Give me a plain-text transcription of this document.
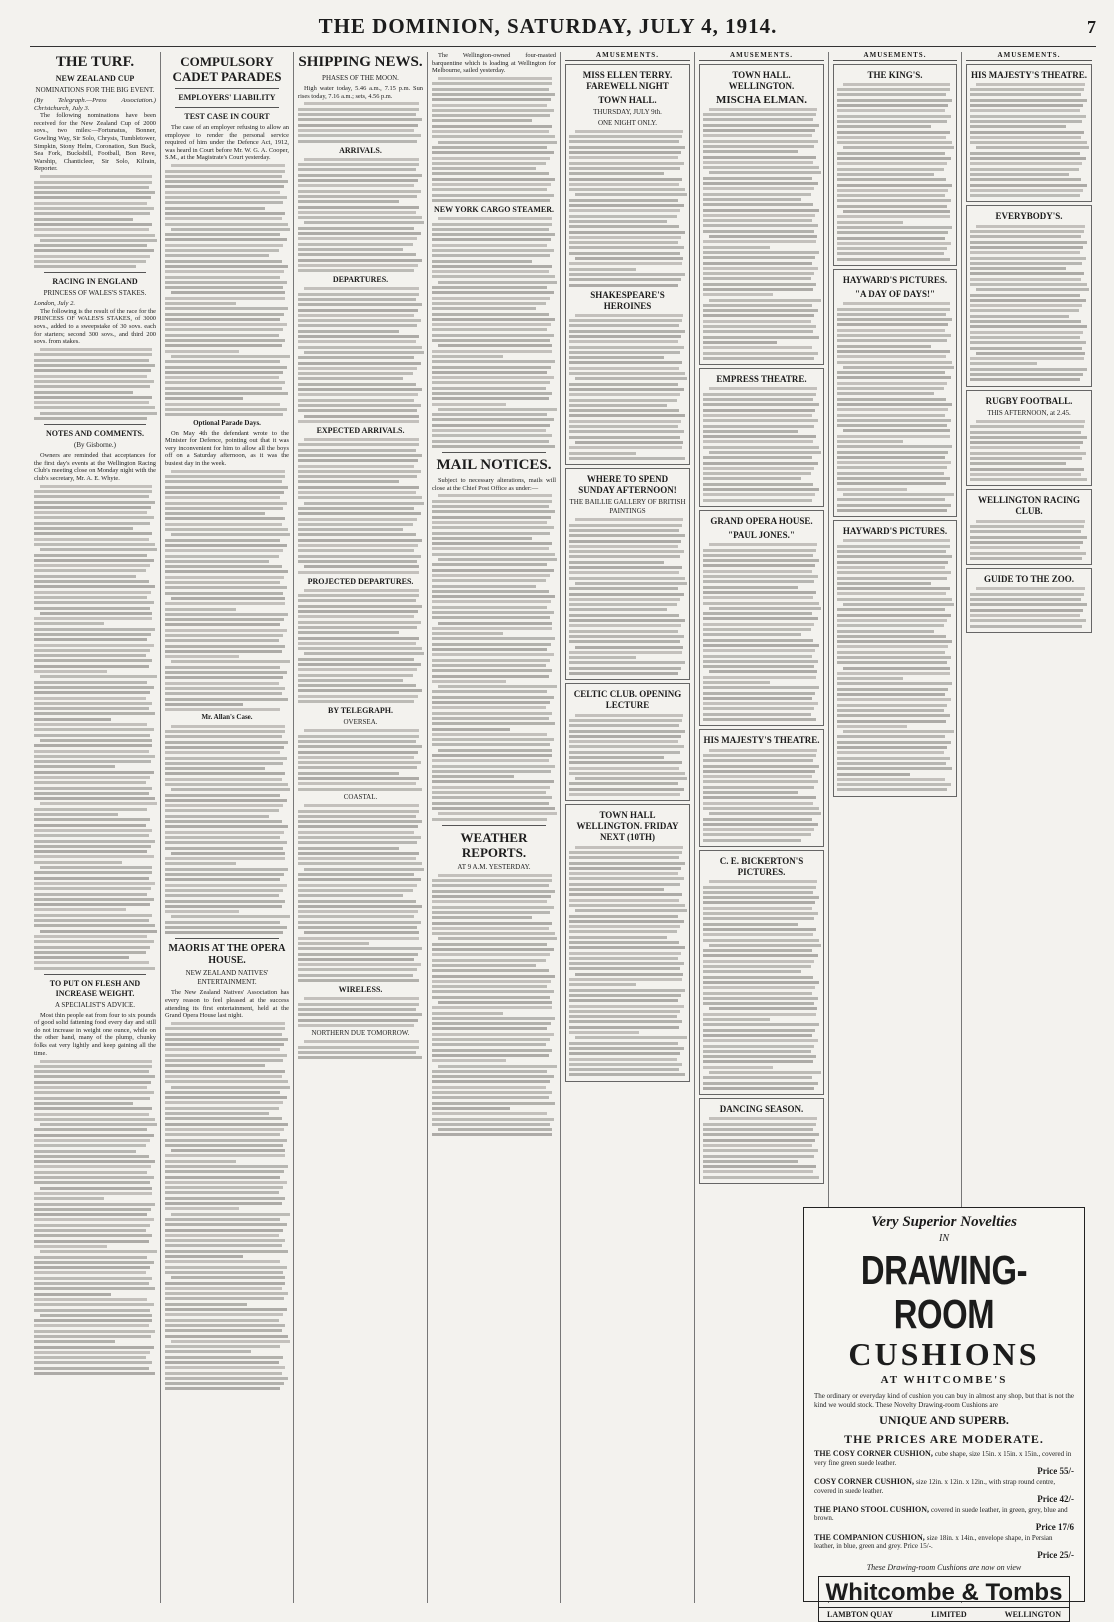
THE DOMINION, SATURDAY, JULY 4, 1914.	7
THE TURF.
NEW ZEALAND CUP
NOMINATIONS FOR THE BIG EVENT.
(By Telegraph.—Press Association.) Christchurch, July 3.

The following nominations have been received for the New Zealand Cup of 2000 sovs., two miles:—Fortunatus, Bonner, Gowling Way, Sir Solo, Chrysis, Tumbletower, Simpkin, Stony Helm, Coronation, Sun Buck, Sea Fork, Bucksbill, Football, Bon Reve, Warship, Chanticleer, Sir Solo, Kilrain, Reporter.

RACING IN ENGLAND
PRINCESS OF WALES'S STAKES.
London, July 2.

The following is the result of the race for the PRINCESS OF WALES'S STAKES, of 3000 sovs., added to a sweepstake of 30 sovs. each for starters; second 300 sovs., and third 200 sovs. from stakes.

NOTES AND COMMENTS.
(By Gisborne.)

Owners are reminded that acceptances for the first day's events at the Wellington Racing Club's meeting close on Monday night with the club's secretary, Mr. A. E. Whyte.

TO PUT ON FLESH AND INCREASE WEIGHT.
A SPECIALIST'S ADVICE.

Most thin people eat from four to six pounds of good solid fattening food every day and still do not increase in weight one ounce, while on the other hand, many of the plump, chunky folks eat very lightly and keep gaining all the time.

COMPULSORY CADET PARADES
EMPLOYERS' LIABILITY
TEST CASE IN COURT

The case of an employer refusing to allow an employee to render the personal service required of him under the Defence Act, 1912, was heard in Court before Mr. W. G. A. Cooper, S.M., at the Magistrate's Court yesterday.

Optional Parade Days.

On May 4th the defendant wrote to the Minister for Defence, pointing out that it was very inconvenient for him to allow all the boys off on a Saturday afternoon, as it was the busiest day in the week.

Mr. Allan's Case.
MAORIS AT THE OPERA HOUSE.
NEW ZEALAND NATIVES' ENTERTAINMENT.

The New Zealand Natives' Association has every reason to feel pleased at the success attending its first entertainment, held at the Grand Opera House last night.

SHIPPING NEWS.
PHASES OF THE MOON.

High water today, 5.46 a.m., 7.15 p.m. Sun rises today, 7.16 a.m.; sets, 4.56 p.m.

ARRIVALS.
DEPARTURES.
EXPECTED ARRIVALS.
PROJECTED DEPARTURES.
BY TELEGRAPH.
OVERSEA.
COASTAL.
WIRELESS.
NORTHERN DUE TOMORROW.

The Wellington-owned four-masted barquentine which is loading at Wellington for Melbourne, sailed yesterday.

NEW YORK CARGO STEAMER.
MAIL NOTICES.

Subject to necessary alterations, mails will close at the Chief Post Office as under:—

WEATHER REPORTS.
AT 9 A.M. YESTERDAY.
AMUSEMENTS.
MISS ELLEN TERRY. FAREWELL NIGHT
TOWN HALL.
THURSDAY, JULY 9th.
ONE NIGHT ONLY.
SHAKESPEARE'S HEROINES
WHERE TO SPEND SUNDAY AFTERNOON!
THE BAILLIE GALLERY OF BRITISH PAINTINGS
CELTIC CLUB. OPENING LECTURE
TOWN HALL WELLINGTON. FRIDAY NEXT (10TH)
AMUSEMENTS.
TOWN HALL. WELLINGTON.
MISCHA ELMAN.
EMPRESS THEATRE.
GRAND OPERA HOUSE.
"PAUL JONES."
HIS MAJESTY'S THEATRE.
C. E. BICKERTON'S PICTURES.
DANCING SEASON.
AMUSEMENTS.
THE KING'S.
HAYWARD'S PICTURES.
"A DAY OF DAYS!"
HAYWARD'S PICTURES.
AMUSEMENTS.
HIS MAJESTY'S THEATRE.
EVERYBODY'S.
RUGBY FOOTBALL.
THIS AFTERNOON, at 2.45.
WELLINGTON RACING CLUB.
GUIDE TO THE ZOO.
Very Superior Novelties
IN
DRAWING-ROOM
CUSHIONS
AT WHITCOMBE'S
The ordinary or everyday kind of cushion you can buy in almost any shop, but that is not the kind we would stock. These Novelty Drawing-room Cushions are
UNIQUE AND SUPERB.
THE PRICES ARE MODERATE.
THE COSY CORNER CUSHION, cube shape, size 15in. x 15in. x 15in., covered in very fine green suede leather.
Price 55/-
COSY CORNER CUSHION, size 12in. x 12in. x 12in., with strap round centre, covered in suede leather.
Price 42/-
THE PIANO STOOL CUSHION, covered in suede leather, in green, grey, blue and brown.
Price 17/6
THE COMPANION CUSHION, size 18in. x 14in., envelope shape, in Persian leather, in blue, green and grey. Price 15/-.
Price 25/-
These Drawing-room Cushions are now on view
Whitcombe & Tombs
LAMBTON QUAY	LIMITED	WELLINGTON
